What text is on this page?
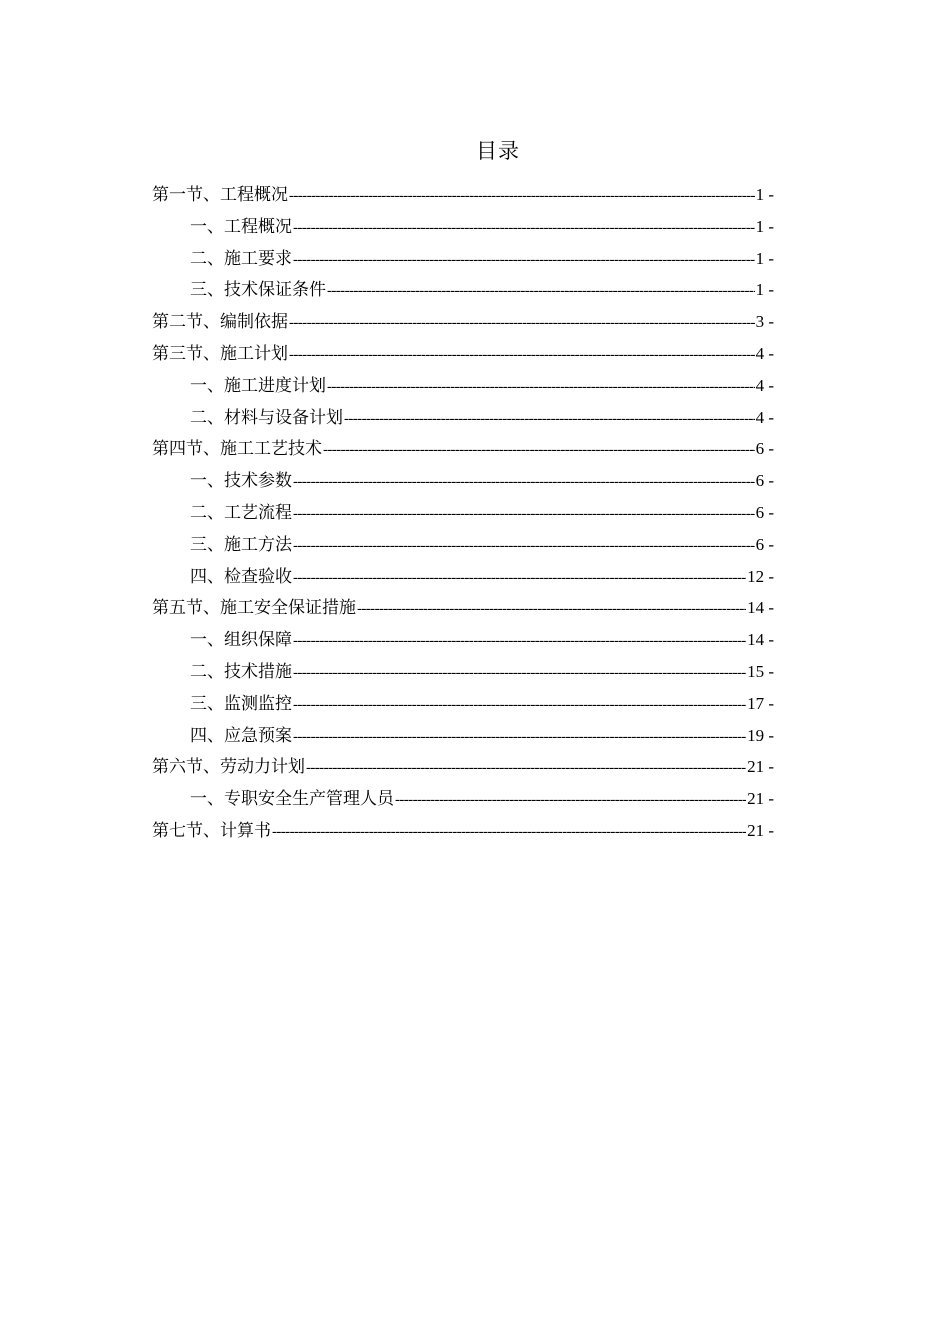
目录
第一节、工程概况 -----	1 -
一、工程概况 -----	1 -
二、施工要求 -----	1 -
三、技术保证条件 -----	1 -
第二节、编制依据 -----	3 -
第三节、施工计划 -----	4 -
一、施工进度计划 -----	4 -
二、材料与设备计划 -----	4 -
第四节、施工工艺技术 -----	6 -
一、技术参数 -----	6 -
二、工艺流程 -----	6 -
三、施工方法 -----	6 -
四、检查验收 -----	12 -
第五节、施工安全保证措施 -----	14 -
一、组织保障 -----	14 -
二、技术措施 -----	15 -
三、监测监控 -----	17 -
四、应急预案 -----	19 -
第六节、劳动力计划 -----	21 -
一、专职安全生产管理人员 -----	21 -
第七节、计算书 -----	21 -
